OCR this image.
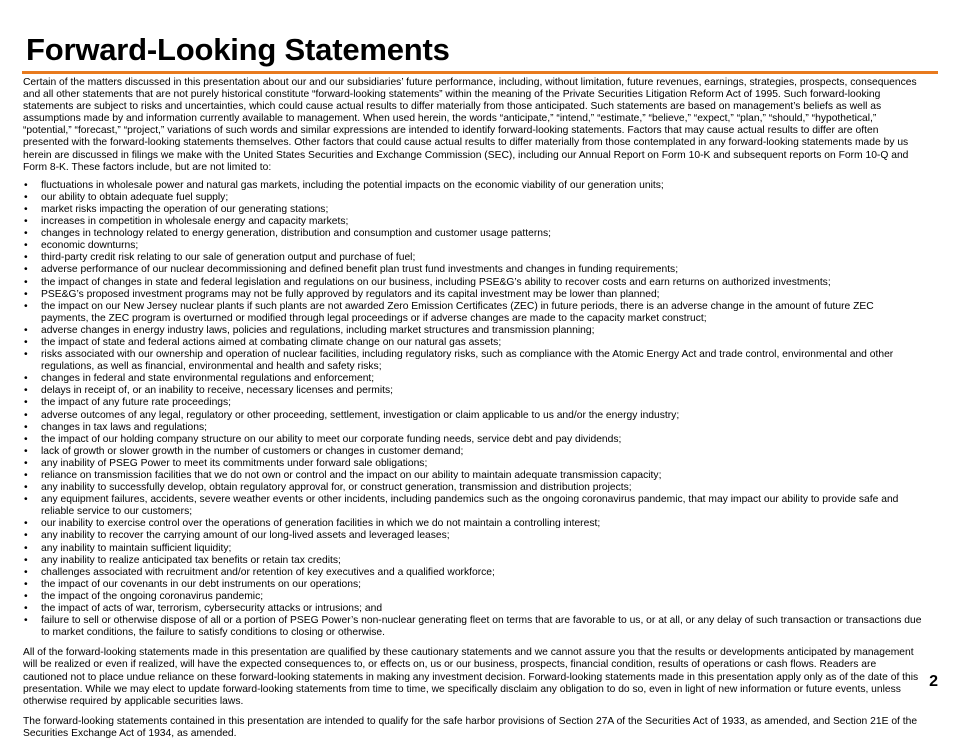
Forward-Looking Statements

Certain of the matters discussed in this presentation about our and our subsidiaries’ future performance, including, without limitation, future revenues, earnings, strategies, prospects, consequences and all other statements that are not purely historical constitute “forward-looking statements” within the meaning of the Private Securities Litigation Reform Act of 1995. Such forward-looking statements are subject to risks and uncertainties, which could cause actual results to differ materially from those anticipated. Such statements are based on management’s beliefs as well as assumptions made by and information currently available to management. When used herein, the words “anticipate,” “intend,” “estimate,” “believe,” “expect,” “plan,” “should,” “hypothetical,” “potential,” “forecast,” “project,” variations of such words and similar expressions are intended to identify forward-looking statements. Factors that may cause actual results to differ are often presented with the forward-looking statements themselves. Other factors that could cause actual results to differ materially from those contemplated in any forward-looking statements made by us herein are discussed in filings we make with the United States Securities and Exchange Commission (SEC), including our Annual Report on Form 10-K and subsequent reports on Form 10-Q and Form 8-K. These factors include, but are not limited to:

• fluctuations in wholesale power and natural gas markets, including the potential impacts on the economic viability of our generation units;
• our ability to obtain adequate fuel supply;
• market risks impacting the operation of our generating stations;
• increases in competition in wholesale energy and capacity markets;
• changes in technology related to energy generation, distribution and consumption and customer usage patterns;
• economic downturns;
• third-party credit risk relating to our sale of generation output and purchase of fuel;
• adverse performance of our nuclear decommissioning and defined benefit plan trust fund investments and changes in funding requirements;
• the impact of changes in state and federal legislation and regulations on our business, including PSE&G’s ability to recover costs and earn returns on authorized investments;
• PSE&G’s proposed investment programs may not be fully approved by regulators and its capital investment may be lower than planned;
• the impact on our New Jersey nuclear plants if such plants are not awarded Zero Emission Certificates (ZEC) in future periods, there is an adverse change in the amount of future ZEC payments, the ZEC program is overturned or modified through legal proceedings or if adverse changes are made to the capacity market construct;
• adverse changes in energy industry laws, policies and regulations, including market structures and transmission planning;
• the impact of state and federal actions aimed at combating climate change on our natural gas assets;
• risks associated with our ownership and operation of nuclear facilities, including regulatory risks, such as compliance with the Atomic Energy Act and trade control, environmental and other regulations, as well as financial, environmental and health and safety risks;
• changes in federal and state environmental regulations and enforcement;
• delays in receipt of, or an inability to receive, necessary licenses and permits;
• the impact of any future rate proceedings;
• adverse outcomes of any legal, regulatory or other proceeding, settlement, investigation or claim applicable to us and/or the energy industry;
• changes in tax laws and regulations;
• the impact of our holding company structure on our ability to meet our corporate funding needs, service debt and pay dividends;
• lack of growth or slower growth in the number of customers or changes in customer demand;
• any inability of PSEG Power to meet its commitments under forward sale obligations;
• reliance on transmission facilities that we do not own or control and the impact on our ability to maintain adequate transmission capacity;
• any inability to successfully develop, obtain regulatory approval for, or construct generation, transmission and distribution projects;
• any equipment failures, accidents, severe weather events or other incidents, including pandemics such as the ongoing coronavirus pandemic, that may impact our ability to provide safe and reliable service to our customers;
• our inability to exercise control over the operations of generation facilities in which we do not maintain a controlling interest;
• any inability to recover the carrying amount of our long-lived assets and leveraged leases;
• any inability to maintain sufficient liquidity;
• any inability to realize anticipated tax benefits or retain tax credits;
• challenges associated with recruitment and/or retention of key executives and a qualified workforce;
• the impact of our covenants in our debt instruments on our operations;
• the impact of the ongoing coronavirus pandemic;
• the impact of acts of war, terrorism, cybersecurity attacks or intrusions; and
• failure to sell or otherwise dispose of all or a portion of PSEG Power’s non-nuclear generating fleet on terms that are favorable to us, or at all, or any delay of such transaction or transactions due to market conditions, the failure to satisfy conditions to closing or otherwise.

All of the forward-looking statements made in this presentation are qualified by these cautionary statements and we cannot assure you that the results or developments anticipated by management will be realized or even if realized, will have the expected consequences to, or effects on, us or our business, prospects, financial condition, results of operations or cash flows. Readers are cautioned not to place undue reliance on these forward-looking statements in making any investment decision. Forward-looking statements made in this presentation apply only as of the date of this presentation. While we may elect to update forward-looking statements from time to time, we specifically disclaim any obligation to do so, even in light of new information or future events, unless otherwise required by applicable securities laws.

The forward-looking statements contained in this presentation are intended to qualify for the safe harbor provisions of Section 27A of the Securities Act of 1933, as amended, and Section 21E of the Securities Exchange Act of 1934, as amended.

2
